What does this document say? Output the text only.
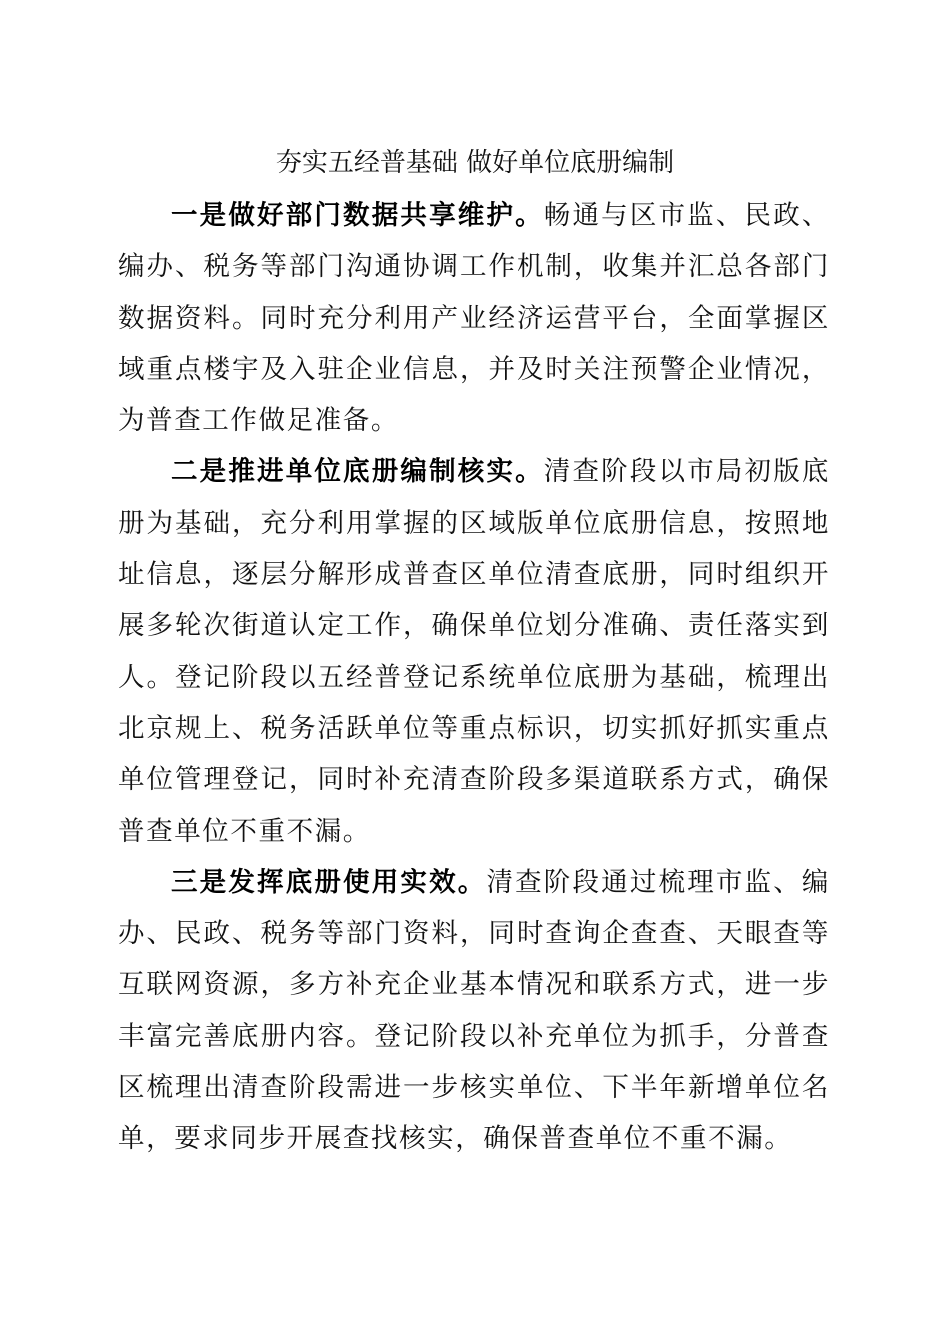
夯实五经普基础 做好单位底册编制

一是做好部门数据共享维护。畅通与区市监、民政、编办、税务等部门沟通协调工作机制，收集并汇总各部门数据资料。同时充分利用产业经济运营平台，全面掌握区域重点楼宇及入驻企业信息，并及时关注预警企业情况，为普查工作做足准备。

二是推进单位底册编制核实。清查阶段以市局初版底册为基础，充分利用掌握的区域版单位底册信息，按照地址信息，逐层分解形成普查区单位清查底册，同时组织开展多轮次街道认定工作，确保单位划分准确、责任落实到人。登记阶段以五经普登记系统单位底册为基础，梳理出北京规上、税务活跃单位等重点标识，切实抓好抓实重点单位管理登记，同时补充清查阶段多渠道联系方式，确保普查单位不重不漏。

三是发挥底册使用实效。清查阶段通过梳理市监、编办、民政、税务等部门资料，同时查询企查查、天眼查等互联网资源，多方补充企业基本情况和联系方式，进一步丰富完善底册内容。登记阶段以补充单位为抓手，分普查区梳理出清查阶段需进一步核实单位、下半年新增单位名单，要求同步开展查找核实，确保普查单位不重不漏。
